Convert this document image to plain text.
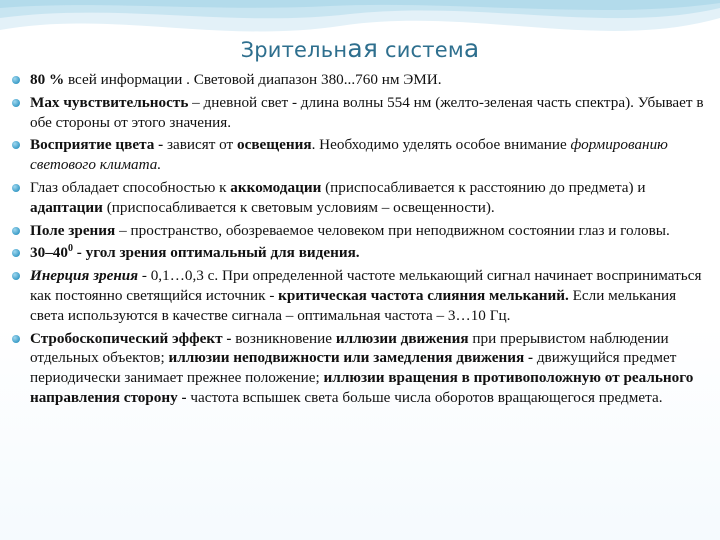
Зрительная система
80 % всей информации . Световой диапазон 380...760 нм ЭМИ.
Max чувствительность – дневной свет - длина волны 554 нм (желто-зеленая часть спектра). Убывает в обе стороны от этого значения.
Восприятие цвета - зависят от освещения. Необходимо уделять особое внимание формированию светового климата.
Глаз обладает способностью к аккомодации (приспосабливается к расстоянию до предмета) и адаптации (приспосабливается к световым условиям – освещенности).
Поле зрения – пространство, обозреваемое человеком при неподвижном состоянии глаз и головы.
$30-40^0$ - угол зрения оптимальный для видения.
Инерция зрения - 0,1…0,3 с. При определенной частоте мелькающий сигнал начинает восприниматься как постоянно светящийся источник - критическая частота слияния мельканий. Если мелькания света используются в качестве сигнала – оптимальная частота – 3…10 Гц.
Стробоскопический эффект - возникновение иллюзии движения при прерывистом наблюдении отдельных объектов; иллюзии неподвижности или замедления движения - движущийся предмет периодически занимает прежнее положение; иллюзии вращения в противоположную от реального направления сторону - частота вспышек света больше числа оборотов вращающегося предмета.
